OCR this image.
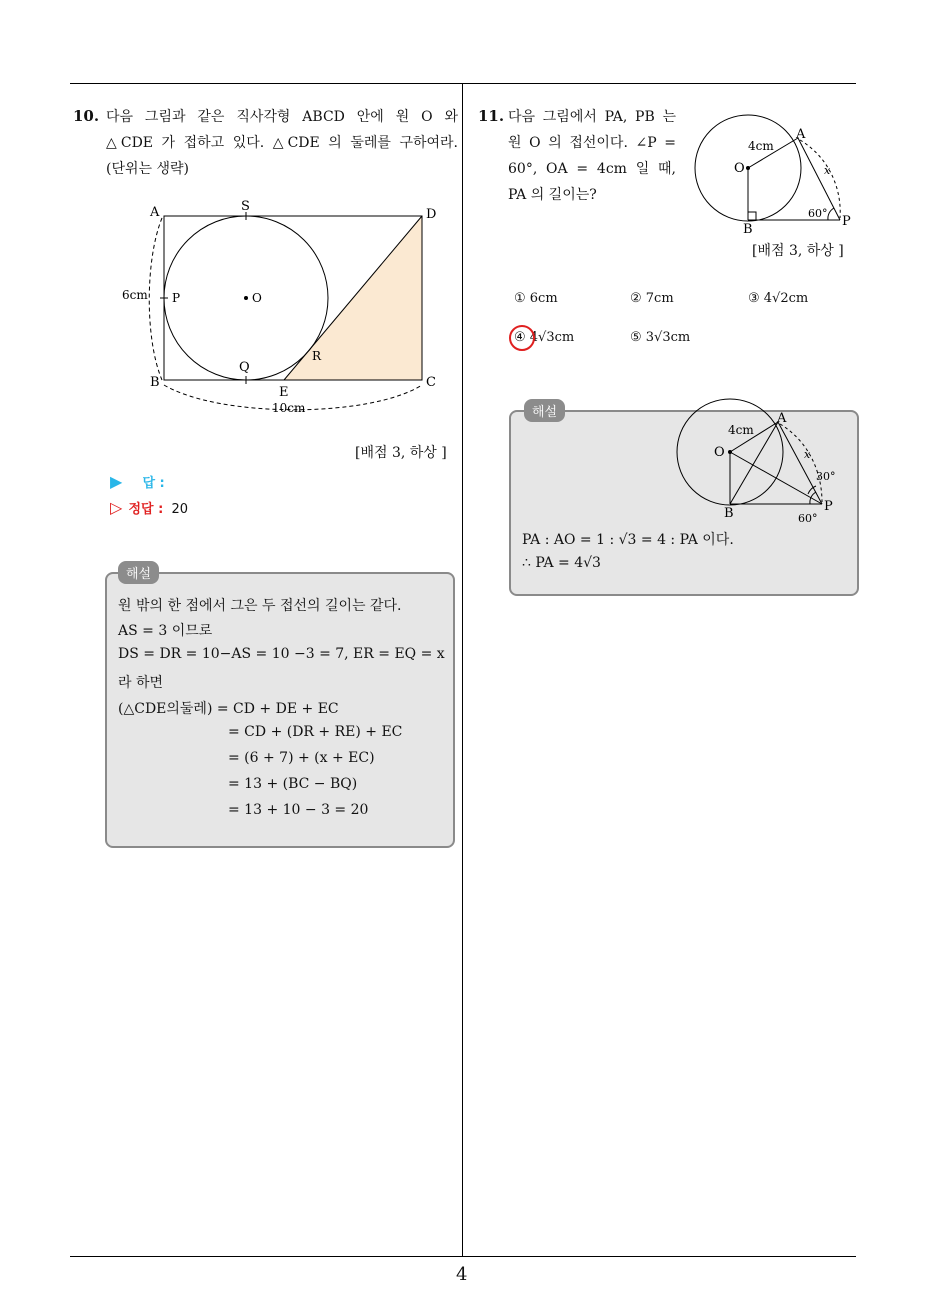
10. 다음 그림과 같은 직사각형 ABCD 안에 원 O 와
△CDE 가 접하고 있다. △CDE 의 둘레를 구하여라.
(단위는 생략)
A	S
D
6cm P	O
R
Q
B
E
C
10cm
[배점 3, 하상 ]
▶ 답 :
▷ 정답 : 20
해설
원 밖의 한 점에서 그은 두 접선의 길이는 같다.
AS = 3 이므로
DS = DR = 10−AS = 10 −3 = 7, ER = EQ = x
라 하면
(△CDE의둘레) = CD + DE + EC
= CD + (DR + RE) + EC
= (6 + 7) + (x + EC)
= 13 + (BC − BQ)
= 13 + 10 − 3 = 20
11. 다음 그림에서 PA, PB 는
원 O 의 접선이다. ∠P =
60°, OA = 4cm 일 때,
PA 의 길이는?
A
4cm
O	x
60°
B
P
[배점 3, 하상 ]
① 6cm	② 7cm	③ 4√2cm
④ 4√3cm	⑤ 3√3cm
해설	A
4cm
O	x
30°
B	P
60°
PA : AO = 1 : √3 = 4 : PA 이다.
∴ PA = 4√3
4
